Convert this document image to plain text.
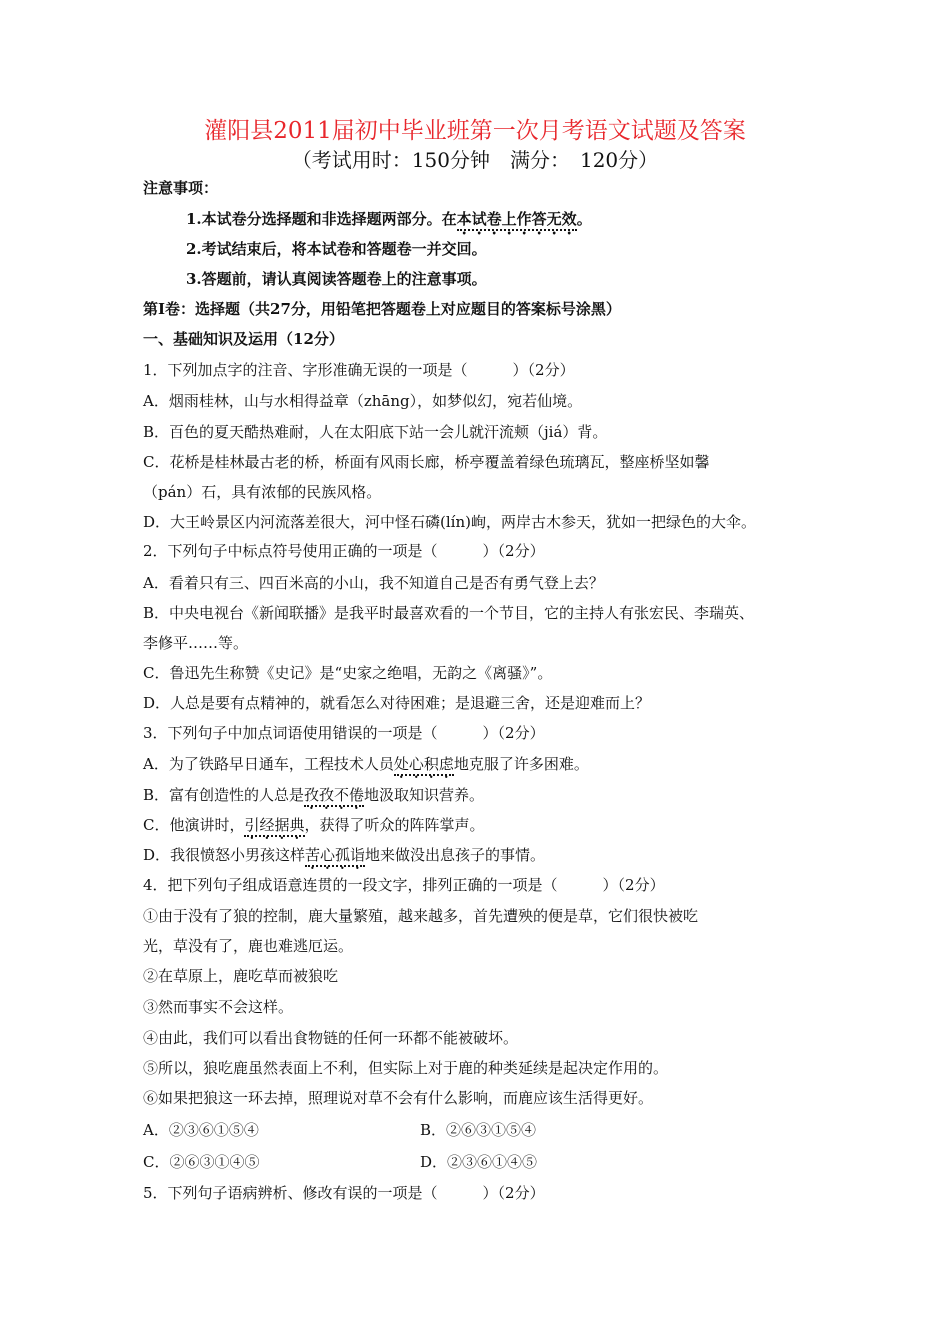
灌阳县2011届初中毕业班第一次月考语文试题及答案
（考试用时：150分钟　满分：　120分）
注意事项：
1.本试卷分选择题和非选择题两部分。在本试卷上作答无效。
2.考试结束后，将本试卷和答题卷一并交回。
3.答题前，请认真阅读答题卷上的注意事项。
第Ⅰ卷：选择题（共27分，用铅笔把答题卷上对应题目的答案标号涂黑）
一、基础知识及运用（12分）
1．下列加点字的注音、字形准确无误的一项是（　　　）（2分）
A．烟雨桂林，山与水相得益章（zhāng），如梦似幻，宛若仙境。
B．百色的夏天酷热难耐，人在太阳底下站一会儿就汗流颊（jiá）背。
C．花桥是桂林最古老的桥，桥面有风雨长廊，桥亭覆盖着绿色琉璃瓦，整座桥坚如馨
（pán）石，具有浓郁的民族风格。
D．大王岭景区内河流落差很大，河中怪石磷(lín)峋，两岸古木参天，犹如一把绿色的大伞。
2．下列句子中标点符号使用正确的一项是（　　　）（2分）
A．看着只有三、四百米高的小山，我不知道自己是否有勇气登上去？
B．中央电视台《新闻联播》是我平时最喜欢看的一个节目，它的主持人有张宏民、李瑞英、
李修平……等。
C．鲁迅先生称赞《史记》是“史家之绝唱，无韵之《离骚》”。
D．人总是要有点精神的，就看怎么对待困难；是退避三舍，还是迎难而上？
3．下列句子中加点词语使用错误的一项是（　　　）（2分）
A．为了铁路早日通车，工程技术人员处心积虑地克服了许多困难。
B．富有创造性的人总是孜孜不倦地汲取知识营养。
C．他演讲时，引经据典，获得了听众的阵阵掌声。
D．我很愤怒小男孩这样苦心孤诣地来做没出息孩子的事情。
4．把下列句子组成语意连贯的一段文字，排列正确的一项是（　　　）（2分）
①由于没有了狼的控制，鹿大量繁殖，越来越多，首先遭殃的便是草，它们很快被吃
光，草没有了，鹿也难逃厄运。
②在草原上，鹿吃草而被狼吃
③然而事实不会这样。
④由此，我们可以看出食物链的任何一环都不能被破坏。
⑤所以，狼吃鹿虽然表面上不利，但实际上对于鹿的种类延续是起决定作用的。
⑥如果把狼这一环去掉，照理说对草不会有什么影响，而鹿应该生活得更好。
A．②③⑥①⑤④	B．②⑥③①⑤④
C．②⑥③①④⑤	D．②③⑥①④⑤
5．下列句子语病辨析、修改有误的一项是（　　　）（2分）
